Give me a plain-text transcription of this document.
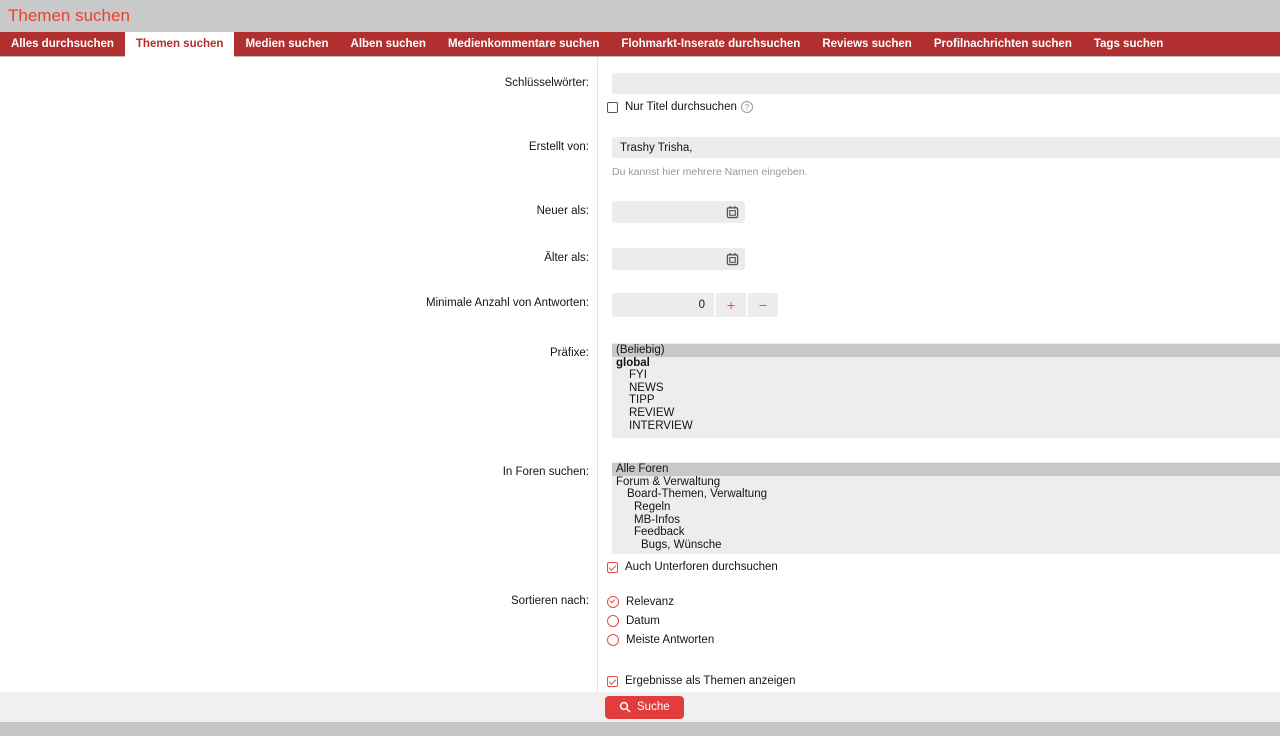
Themen suchen
Alles durchsuchen	Themen suchen	Medien suchen	Alben suchen	Medienkommentare suchen	Flohmarkt-Inserate durchsuchen	Reviews suchen	Profilnachrichten suchen	Tags suchen
Schlüsselwörter:
Nur Titel durchsuchen ?
Erstellt von:
Trashy Trisha,
Du kannst hier mehrere Namen eingeben.
Neuer als:
Älter als:
Minimale Anzahl von Antworten:	0	+	−
Präfixe:	(Beliebig)
global
FYI
NEWS
TIPP
REVIEW
INTERVIEW
In Foren suchen:	Alle Foren
Forum & Verwaltung
Board-Themen, Verwaltung
Regeln
MB-Infos
Feedback
Bugs, Wünsche
Auch Unterforen durchsuchen
Sortieren nach:	Relevanz
Datum
Meiste Antworten
Ergebnisse als Themen anzeigen
Suche
